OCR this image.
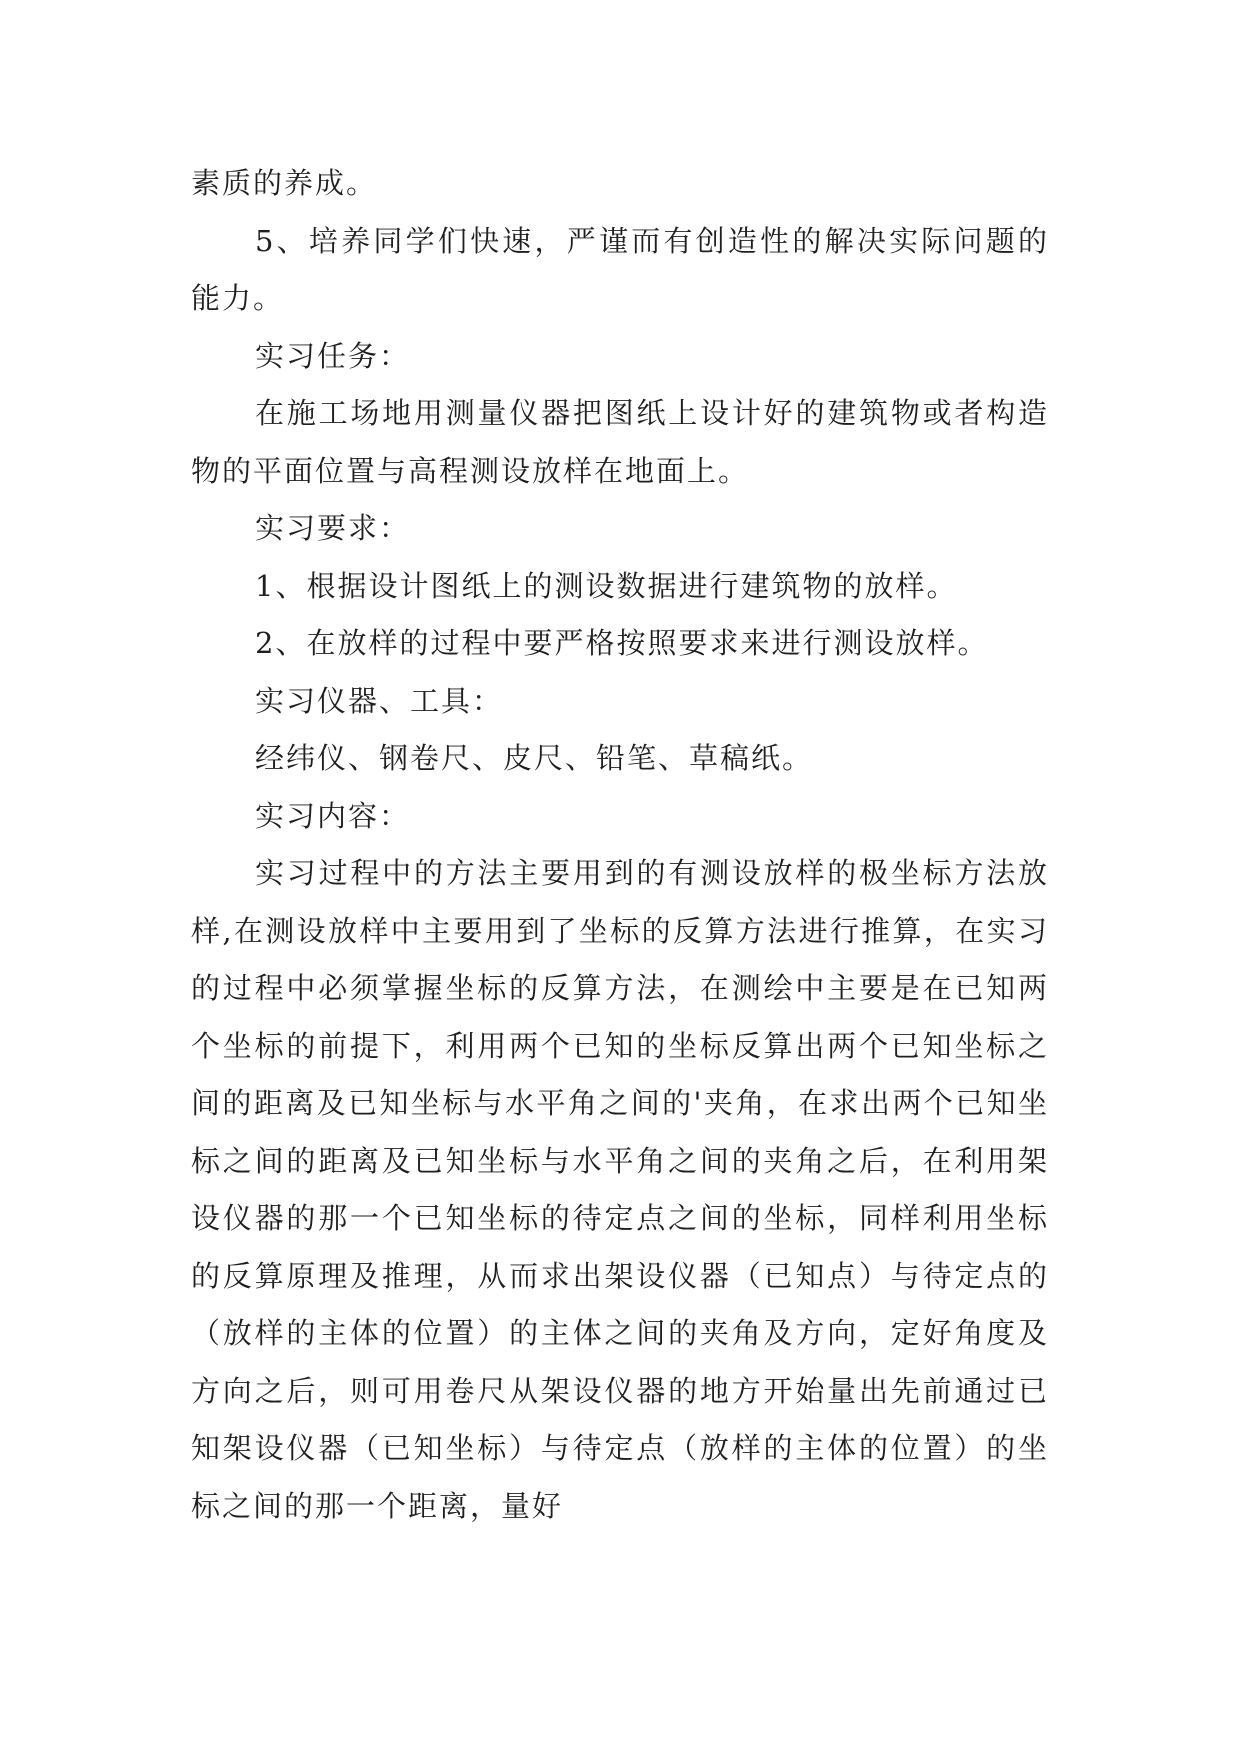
素质的养成。

5、培养同学们快速，严谨而有创造性的解决实际问题的能力。

实习任务：

在施工场地用测量仪器把图纸上设计好的建筑物或者构造物的平面位置与高程测设放样在地面上。

实习要求：

1、根据设计图纸上的测设数据进行建筑物的放样。

2、在放样的过程中要严格按照要求来进行测设放样。

实习仪器、工具：

经纬仪、钢卷尺、皮尺、铅笔、草稿纸。

实习内容：

实习过程中的方法主要用到的有测设放样的极坐标方法放样,在测设放样中主要用到了坐标的反算方法进行推算，在实习的过程中必须掌握坐标的反算方法，在测绘中主要是在已知两个坐标的前提下，利用两个已知的坐标反算出两个已知坐标之间的距离及已知坐标与水平角之间的'夹角，在求出两个已知坐标之间的距离及已知坐标与水平角之间的夹角之后，在利用架设仪器的那一个已知坐标的待定点之间的坐标，同样利用坐标的反算原理及推理，从而求出架设仪器（已知点）与待定点的（放样的主体的位置）的主体之间的夹角及方向，定好角度及方向之后，则可用卷尺从架设仪器的地方开始量出先前通过已知架设仪器（已知坐标）与待定点（放样的主体的位置）的坐标之间的那一个距离，量好
